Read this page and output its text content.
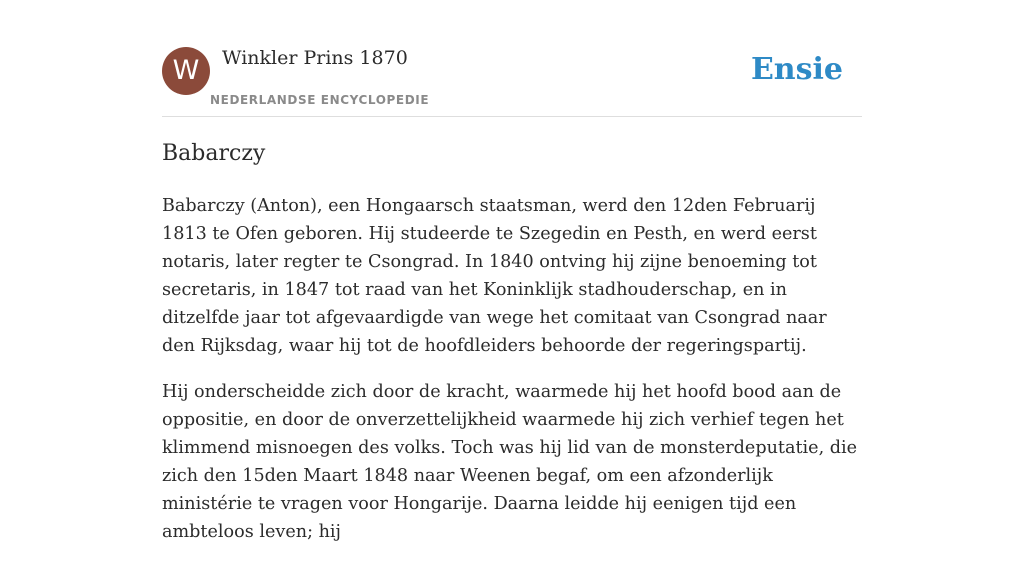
W	Winkler Prins 1870
NEDERLANDSE ENCYCLOPEDIE
Ensie
Babarczy

Babarczy (Anton), een Hongaarsch staatsman, werd den 12den Februarij 1813 te Ofen geboren. Hij studeerde te Szegedin en Pesth, en werd eerst notaris, later regter te Csongrad. In 1840 ontving hij zijne benoeming tot secretaris, in 1847 tot raad van het Koninklijk stadhouderschap, en in ditzelfde jaar tot afgevaardigde van wege het comitaat van Csongrad naar den Rijksdag, waar hij tot de hoofdleiders behoorde der regeringspartij.

Hij onderscheidde zich door de kracht, waarmede hij het hoofd bood aan de oppositie, en door de onverzettelijkheid waarmede hij zich verhief tegen het klimmend misnoegen des volks. Toch was hij lid van de monsterdeputatie, die zich den 15den Maart 1848 naar Weenen begaf, om een afzonderlijk ministérie te vragen voor Hongarije. Daarna leidde hij eenigen tijd een ambteloos leven; hij
